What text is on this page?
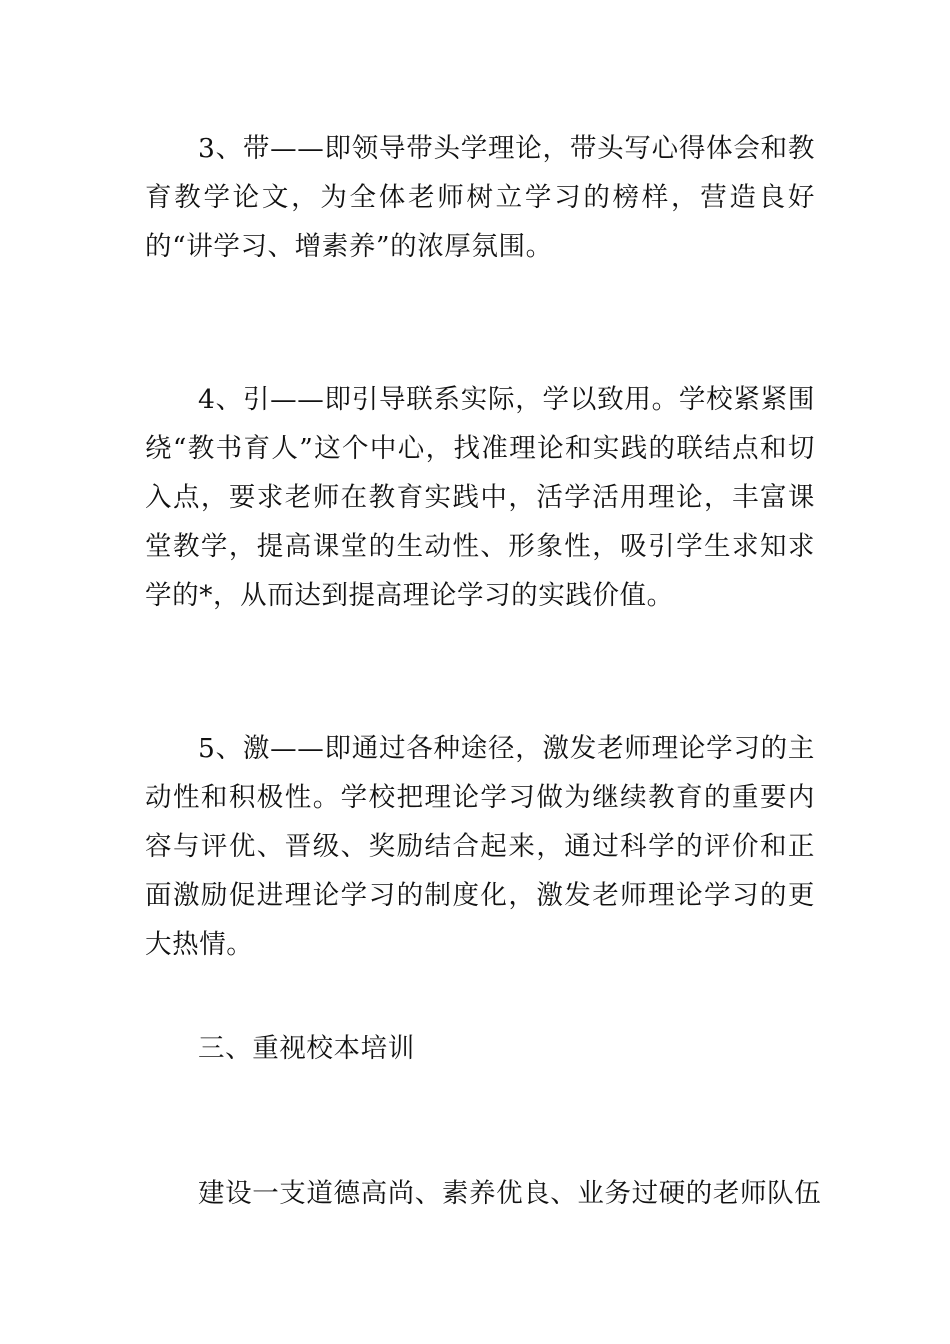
3、带——即领导带头学理论，带头写心得体会和教育教学论文，为全体老师树立学习的榜样，营造良好的“讲学习、增素养”的浓厚氛围。

4、引——即引导联系实际，学以致用。学校紧紧围绕“教书育人”这个中心，找准理论和实践的联结点和切入点，要求老师在教育实践中，活学活用理论，丰富课堂教学，提高课堂的生动性、形象性，吸引学生求知求学的*，从而达到提高理论学习的实践价值。

5、激——即通过各种途径，激发老师理论学习的主动性和积极性。学校把理论学习做为继续教育的重要内容与评优、晋级、奖励结合起来，通过科学的评价和正面激励促进理论学习的制度化，激发老师理论学习的更大热情。

三、重视校本培训

建设一支道德高尚、素养优良、业务过硬的老师队伍
